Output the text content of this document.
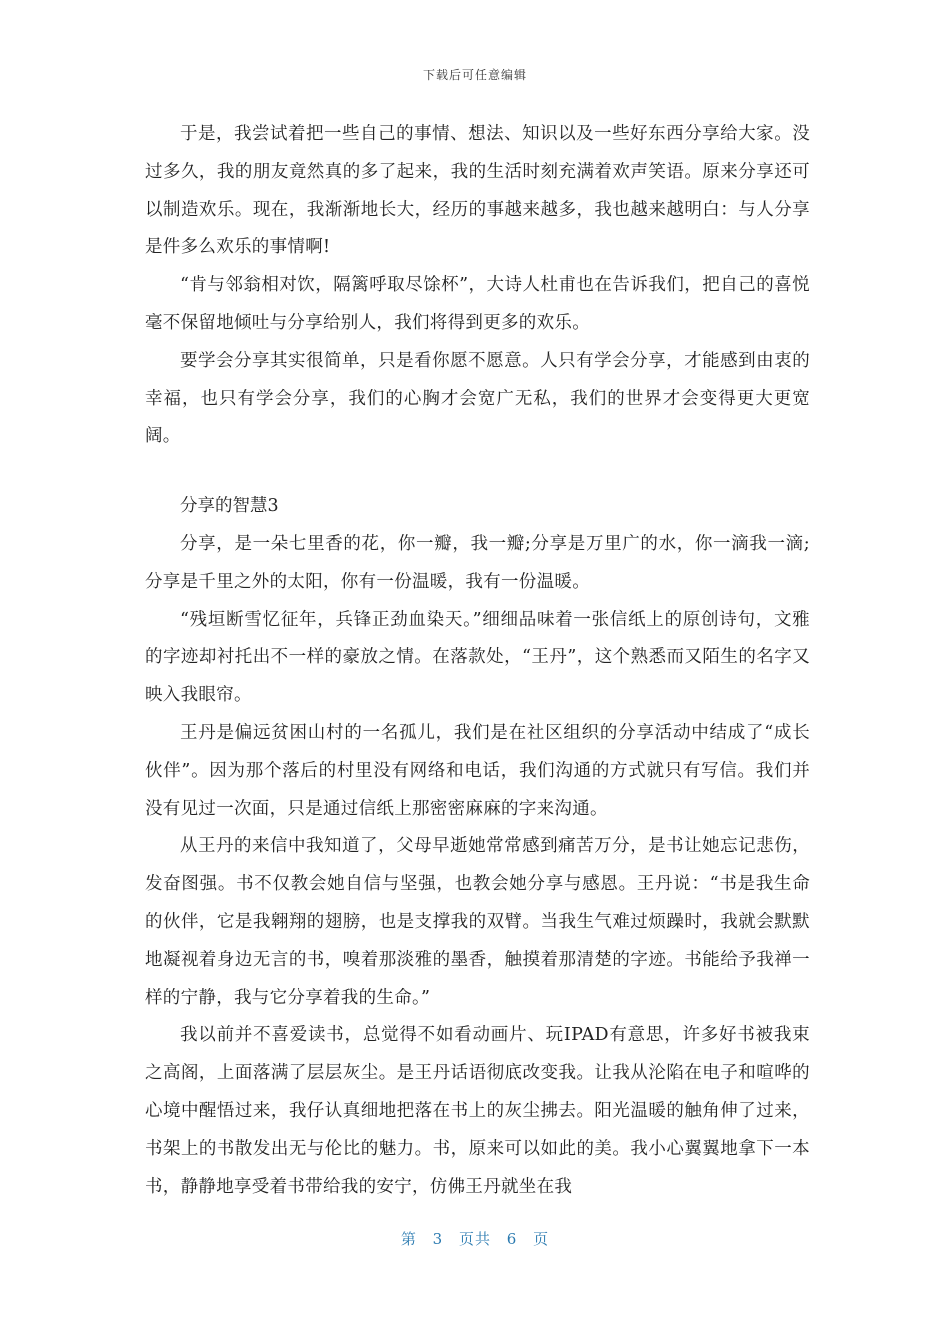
下载后可任意编辑

于是，我尝试着把一些自己的事情、想法、知识以及一些好东西分享给大家。没过多久，我的朋友竟然真的多了起来，我的生活时刻充满着欢声笑语。原来分享还可以制造欢乐。现在，我渐渐地长大，经历的事越来越多，我也越来越明白：与人分享是件多么欢乐的事情啊!

“肯与邻翁相对饮，隔篱呼取尽馀杯”，大诗人杜甫也在告诉我们，把自己的喜悦毫不保留地倾吐与分享给别人，我们将得到更多的欢乐。

要学会分享其实很简单，只是看你愿不愿意。人只有学会分享，才能感到由衷的幸福，也只有学会分享，我们的心胸才会宽广无私，我们的世界才会变得更大更宽阔。

分享的智慧3

分享，是一朵七里香的花，你一瓣，我一瓣;分享是万里广的水，你一滴我一滴;分享是千里之外的太阳，你有一份温暖，我有一份温暖。

“残垣断雪忆征年，兵锋正劲血染天。”细细品味着一张信纸上的原创诗句，文雅的字迹却衬托出不一样的豪放之情。在落款处，“王丹”，这个熟悉而又陌生的名字又映入我眼帘。

王丹是偏远贫困山村的一名孤儿，我们是在社区组织的分享活动中结成了“成长伙伴”。因为那个落后的村里没有网络和电话，我们沟通的方式就只有写信。我们并没有见过一次面，只是通过信纸上那密密麻麻的字来沟通。

从王丹的来信中我知道了，父母早逝她常常感到痛苦万分，是书让她忘记悲伤，发奋图强。书不仅教会她自信与坚强，也教会她分享与感恩。王丹说：“书是我生命的伙伴，它是我翱翔的翅膀，也是支撑我的双臂。当我生气难过烦躁时，我就会默默地凝视着身边无言的书，嗅着那淡雅的墨香，触摸着那清楚的字迹。书能给予我禅一样的宁静，我与它分享着我的生命。”

我以前并不喜爱读书，总觉得不如看动画片、玩IPAD有意思，许多好书被我束之高阁，上面落满了层层灰尘。是王丹话语彻底改变我。让我从沦陷在电子和喧哗的心境中醒悟过来，我仔认真细地把落在书上的灰尘拂去。阳光温暖的触角伸了过来，书架上的书散发出无与伦比的魅力。书，原来可以如此的美。我小心翼翼地拿下一本书，静静地享受着书带给我的安宁，仿佛王丹就坐在我

第 3 页共 6 页
